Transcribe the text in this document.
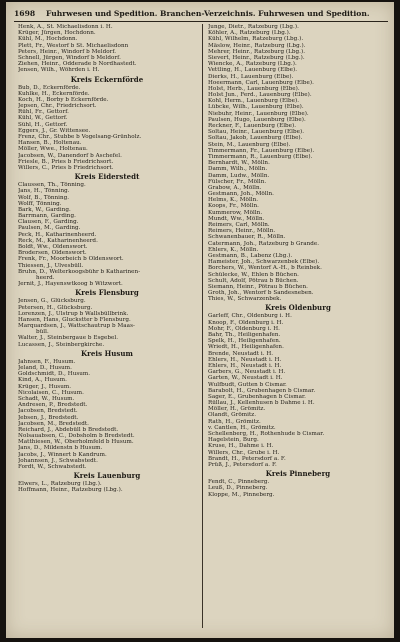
1698 Fuhrwesen und Spedition. Branchen-Verzeichnis. Fuhrwesen und Spedition.
Henk, A., St. Michaelisdonn i. H.
Krüger, Jürgen, Hochdonn.
Kühl, M., Hochdonn.
Plett, Fr., Westorf b St. Michaelisdonn
Peters, Heinr., Windorf b Meldorf.
Schnell, Jürgen, Windorf b Meldorf.
Ziehen, Heinr., Odderade b Nordhastedt.
Jensen, Wilh., Wöhrden i. H.
Kreis Eckernförde
Bub, D., Eckernförde.
Kuhlke, H., Eckernförde.
Koch, H., Borby b Eckernförde.
Jepsen, Chr., Friedrichsort.
Rühl, Fr., Gettorf.
Kühl, W., Gettorf.
Sühl, H., Gettorf.
Eggers, J., Gr. Wittensee.
Frenz, Chr., Stubbe b Vogelsang-Grünholz.
Hansen, B., Holtenau.
Möller, Wwe., Holtenau.
Jacobsen, W., Danendorf b Aschefel.
Friesle, B., Pries b Friedrichsort.
Willers, C., Pries b Friedrichsort.
Kreis Eiderstedt
Claussen, Th., Tönning.
Jans, H., Tönning.
Wolf, B., Tönning.
Wolff, Tönning.
Bark, W., Garding.
Barrmann, Garding.
Clausen, F., Garding.
Paulsen, M., Garding.
Peck, H., Katharinenheerd.
Reck, M., Katharinenheerd.
Boldt, Ww., Oldenswort.
Brodersen, Oldenswort.
Frenk, Fr., Moorbeich b Oldenswort.
Thiessen, J., Ulvesbüll.
Bruhn, D., Welterkoogsbühr b Katharinen-
heerd.
Jernit, J., Hayenswtkoog b Witzwort.
Kreis Flensburg
Jensen, G., Glücksburg.
Petersen, H., Glücksburg.
Lorenzen, J., Ulstrup b Wallsbüllbrink.
Hansen, Hans, Gluckstter b Flensburg.
Marquardsen, J., Wattschautrup b Maas-
büll.
Walter, J., Steinbergaue b Esgebel.
Lucassen, J., Steinbergkirche.
Kreis Husum
Jahnsen, F., Husum.
Jeland, D., Husum.
Goldschmidt, D., Husum.
Kind, A., Husum.
Krüger, J., Husum.
Nicolaisen, C., Husum.
Schadt, W., Husum.
Andresen, P., Bredstedt.
Jacobsen, Bredstedt.
Jebsen, J., Bredstedt.
Jacobsen, M., Bredstedt.
Reichard, J., Abdebüll b Bredstedt.
Nolsauabsen, C., Dobsholm b Bredstedt.
Matthiesen, W., Oberholmfeld b Husum.
Jans, D., Mildenstn b Husum.
Jacobs, J., Winnert b Kandrum.
Johannsen, J., Schwabstedt.
Fordt, W., Schwabstedt.
Kreis Lauenburg
Elwers, L., Ratzeburg (Lbg.).
Hoffmann, Heinr., Ratzeburg (Lbg.).
Junge, Dietr., Ratzeburg (Lbg.).
Köhler, A., Ratzeburg (Lbg.).
Kühl, Wilhelm, Ratzeburg (Lbg.).
Mäslow, Heinr., Ratzeburg (Lbg.).
Mehrer, Heinr., Ratzeburg (Lbg.).
Sievert, Heinr., Ratzeburg (Lbg.).
Wiencke, A., Ratzeburg (Lbg.).
Vettling, H., Lauenburg (Elbe).
Dierks, H., Lauenburg (Elbe).
Hoeermann, Carl, Lauenburg (Elbe).
Holst, Herb., Lauenburg (Elbe).
Holst Jun., Ferd., Lauenburg (Elbe).
Kohl, Herm., Lauenburg (Elbe).
Lübcke, Wilh., Lauenburg (Elbe).
Niebuhr, Heinr., Lauenburg (Elbe).
Paulsen, Hugo, Lauenburg (Elbe).
Reckner, F., Lauenburg (Elbe).
Soltau, Heinr., Lauenburg (Elbe).
Soltau, Jakob, Lauenburg (Elbe).
Stein, M., Lauenburg (Elbe).
Timmermann, Fr., Lauenburg (Elbe).
Timmermann, R., Lauenburg (Elbe).
Bernhardt, W., Mölln.
Damm, Wilh., Mölln.
Damm, Ludw., Mölln.
Fülscher, Fr., Mölln.
Grabow, A., Mölln.
Gestmann, Joh., Mölln.
Helms, K., Mölln.
Koops, Fr., Mölln.
Kummerow, Mölln.
Mundt, Ww., Mölln.
Reimers, Carl, Mölln.
Reimers, Heinr., Mölln.
Schwanenbauer, R., Mölln.
Catermann, Joh., Ratzeburg b Grande.
Ehlers, K., Mölln.
Gestmann, B., Labenz (Lbg.).
Hameister, Joh., Schwarzenbek (Elbe).
Borchers, W., Wentorf A.-H., b Reinbek.
Schülecke, W., Ehlen b Büchen.
Schult, Adolf, Pötrau b Büchen.
Siemann, Heinr., Pötrau b Büchen.
Groth, Joh., Wentorf b Sandesneben.
Thies, W., Schwarzenbek.
Kreis Oldenburg
Garleff, Chr., Oldenburg i. H.
Knoop, F., Oldenburg i. H.
Mohr, F., Oldenburg i. H.
Bahr, Th., Heiligenhafen.
Spelk, H., Heiligenhafen.
Wriedt, H., Heiligenhafen.
Brende, Neustadt i. H.
Ehlers, H., Neustadt i. H.
Ehlers, H., Neustadt i. H.
Garbers, G., Neustadt i. H.
Garten, W., Neustadt i. H.
Wulfbudt, Gutten b Cismar.
Barabolt, H., Grubenhagen b Cismar.
Sager, E., Grubenhagen b Cismar.
Rüllau, J., Kellenhusen b Dahme i. H.
Möller, H., Grömitz.
Olandt, Grömitz.
Rath, H., Grömitz.
v. Cantlen, H., Grömitz.
Schellenberg, H., Rothenhude b Cismar.
Hagelstein, Burg.
Kruse, H., Dahme i. H.
Willers, Chr., Grube i. H.
Brandt, H., Petersdorf a. F.
Prüß, J., Petersdorf a. F.
Kreis Pinneberg
Fendt, C., Pinneberg.
Leuß, D., Pinneberg.
Kloppe, M., Pinneberg.
